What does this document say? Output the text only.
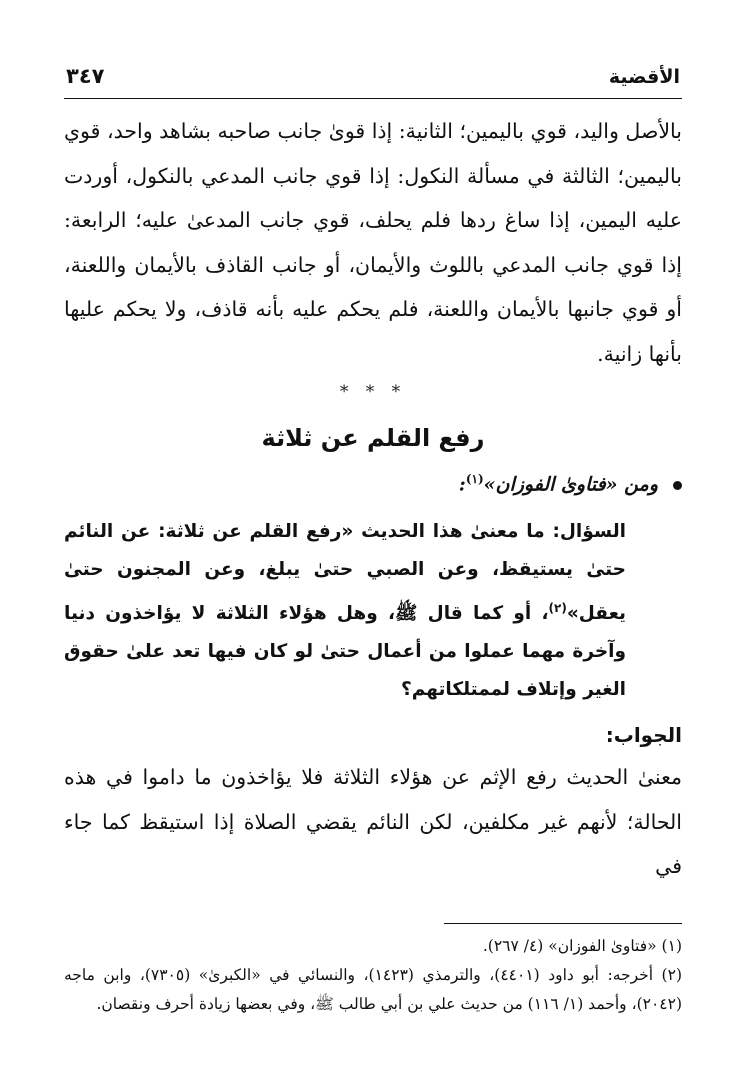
الأقضية
٣٤٧

بالأصل واليد، قوي باليمين؛ الثانية: إذا قوىٰ جانب صاحبه بشاهد واحد، قوي باليمين؛ الثالثة في مسألة النكول: إذا قوي جانب المدعي بالنكول، أوردت عليه اليمين، إذا ساغ ردها فلم يحلف، قوي جانب المدعىٰ عليه؛ الرابعة: إذا قوي جانب المدعي باللوث والأيمان، أو جانب القاذف بالأيمان واللعنة، أو قوي جانبها بالأيمان واللعنة، فلم يحكم عليه بأنه قاذف، ولا يحكم عليها بأنها زانية.

* * *
رفع القلم عن ثلاثة
ومن «فتاوىٰ الفوزان»$^{(١)}$:
السؤال: ما معنىٰ هذا الحديث «رفع القلم عن ثلاثة: عن النائم حتىٰ يستيقظ، وعن الصبي حتىٰ يبلغ، وعن المجنون حتىٰ يعقل»$^{(٢)}$، أو كما قال ﷺ، وهل هؤلاء الثلاثة لا يؤاخذون دنيا وآخرة مهما عملوا من أعمال حتىٰ لو كان فيها تعد علىٰ حقوق الغير وإتلاف لممتلكاتهم؟
الجواب:

معنىٰ الحديث رفع الإثم عن هؤلاء الثلاثة فلا يؤاخذون ما داموا في هذه الحالة؛ لأنهم غير مكلفين، لكن النائم يقضي الصلاة إذا استيقظ كما جاء في

(١) «فتاوىٰ الفوزان» (٤/ ٢٦٧).
(٢) أخرجه: أبو داود (٤٤٠١)، والترمذي (١٤٢٣)، والنسائي في «الكبرىٰ» (٧٣٠٥)، وابن ماجه (٢٠٤٢)، وأحمد (١/ ١١٦) من حديث علي بن أبي طالب ﷺ، وفي بعضها زيادة أحرف ونقصان.
